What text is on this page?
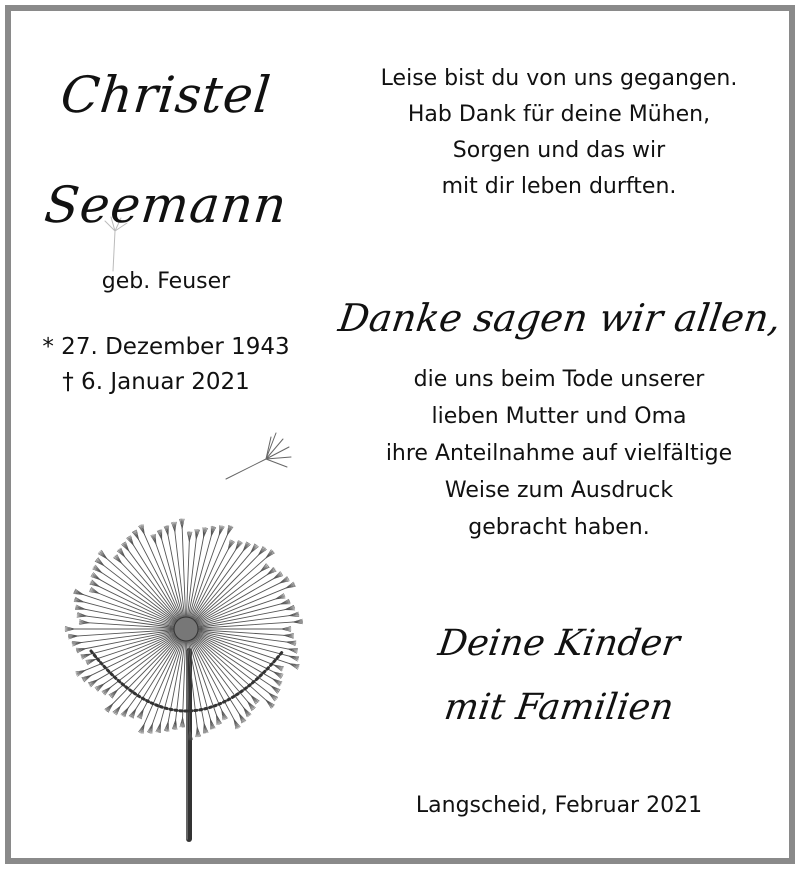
Christel
Seemann
geb. Feuser
* 27. Dezember 1943
† 6. Januar 2021
Leise bist du von uns gegangen.
Hab Dank für deine Mühen,
Sorgen und das wir
mit dir leben durften.
Danke sagen wir allen,
die uns beim Tode unserer
lieben Mutter und Oma
ihre Anteilnahme auf vielfältige
Weise zum Ausdruck
gebracht haben.
Deine Kinder
mit Familien
Langscheid, Februar 2021
